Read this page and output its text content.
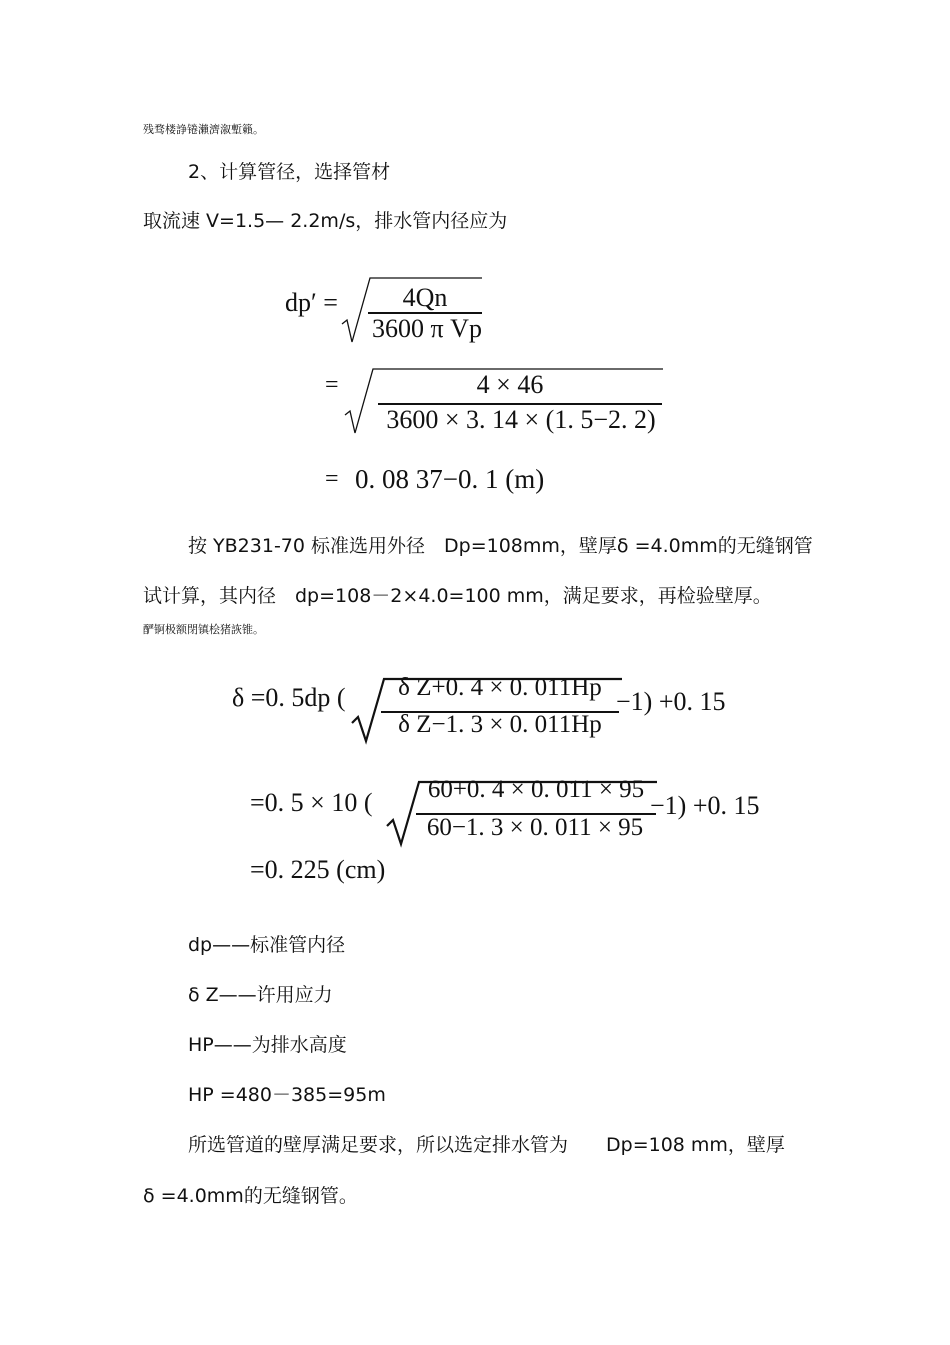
残骛楼諍锩瀨濟溆塹籟。
2、计算管径，选择管材
取流速 V=1.5— 2.2m/s，排水管内径应为
dp′ =	4Qn
3600 π Vp
=	4 × 46
3600 × 3. 14 × (1. 5−2. 2)
= 0. 08 37−0. 1 (m)
按 YB231-70 标准选用外径　Dp=108mm，壁厚δ =4.0mm的无缝钢管
试计算，其内径　dp=108－2×4.0=100 mm，满足要求，再检验壁厚。
酽锕极额閉镇桧猪詼锥。
δ =0. 5dp (	δ Z+0. 4 × 0. 011Hp
δ Z−1. 3 × 0. 011Hp
−1) +0. 15
=0. 5 × 10 (	60+0. 4 × 0. 011 × 95
60−1. 3 × 0. 011 × 95
−1) +0. 15
=0. 225 (cm)
dp——标准管内径
δ Z——许用应力
HP——为排水高度
HP =480－385=95m
所选管道的壁厚满足要求，所以选定排水管为　　Dp=108 mm，壁厚
δ =4.0mm的无缝钢管。
